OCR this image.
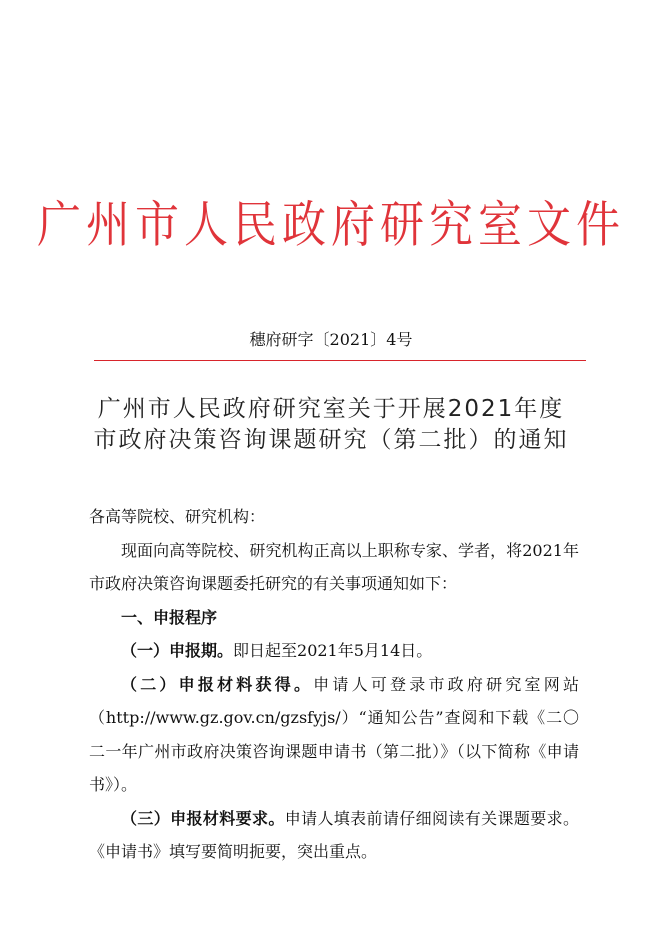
广州市人民政府研究室文件
穗府研字〔2021〕4号
广州市人民政府研究室关于开展2021年度
市政府决策咨询课题研究（第二批）的通知

各高等院校、研究机构：

现面向高等院校、研究机构正高以上职称专家、学者，将2021年市政府决策咨询课题委托研究的有关事项通知如下：

一、申报程序

（一）申报期。即日起至2021年5月14日。

（二）申报材料获得。申请人可登录市政府研究室网站（http://www.gz.gov.cn/gzsfyjs/）“通知公告”查阅和下载《二〇二一年广州市政府决策咨询课题申请书（第二批）》（以下简称《申请书》）。

（三）申报材料要求。申请人填表前请仔细阅读有关课题要求。《申请书》填写要简明扼要，突出重点。
